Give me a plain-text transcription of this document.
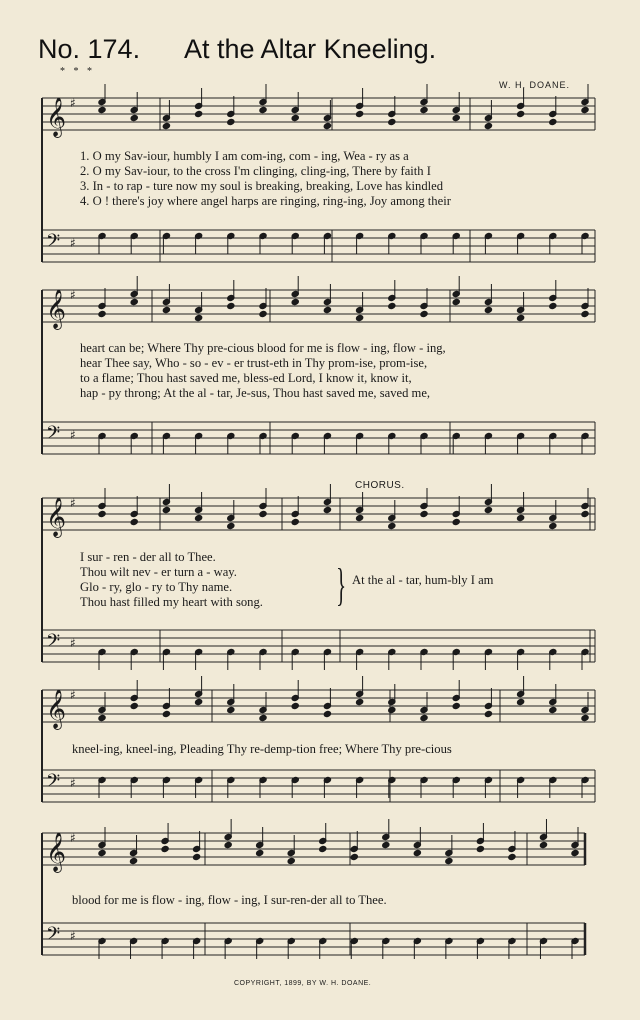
𝄞 ♯
𝄢 ♯
𝄞 ♯
𝄢 ♯
𝄞 ♯
𝄢 ♯
𝄞 ♯
𝄢 ♯
𝄞 ♯
𝄢 ♯
No. 174. At the Altar Kneeling.
* * *
W. H. DOANE.
1. O my Sav-iour, humbly I am com-ing, com - ing, Wea - ry as a
2. O my Sav-iour, to the cross I'm clinging, cling-ing, There by faith I
3. In - to rap - ture now my soul is breaking, breaking, Love has kindled
4. O ! there's joy where angel harps are ringing, ring-ing, Joy among their
heart can be; Where Thy pre-cious blood for me is flow - ing, flow - ing,
hear Thee say, Who - so - ev - er trust-eth in Thy prom-ise, prom-ise,
to a flame; Thou hast saved me, bless-ed Lord, I know it, know it,
hap - py throng; At the al - tar, Je-sus, Thou hast saved me, saved me,
CHORUS.
I sur - ren - der all to Thee.
Thou wilt nev - er turn a - way.
Glo - ry, glo - ry to Thy name.
Thou hast filled my heart with song. } At the al - tar, hum-bly I am
kneel-ing, kneel-ing, Pleading Thy re-demp-tion free; Where Thy pre-cious
blood for me is flow - ing, flow - ing, I sur-ren-der all to Thee.
COPYRIGHT, 1899, BY W. H. DOANE.
